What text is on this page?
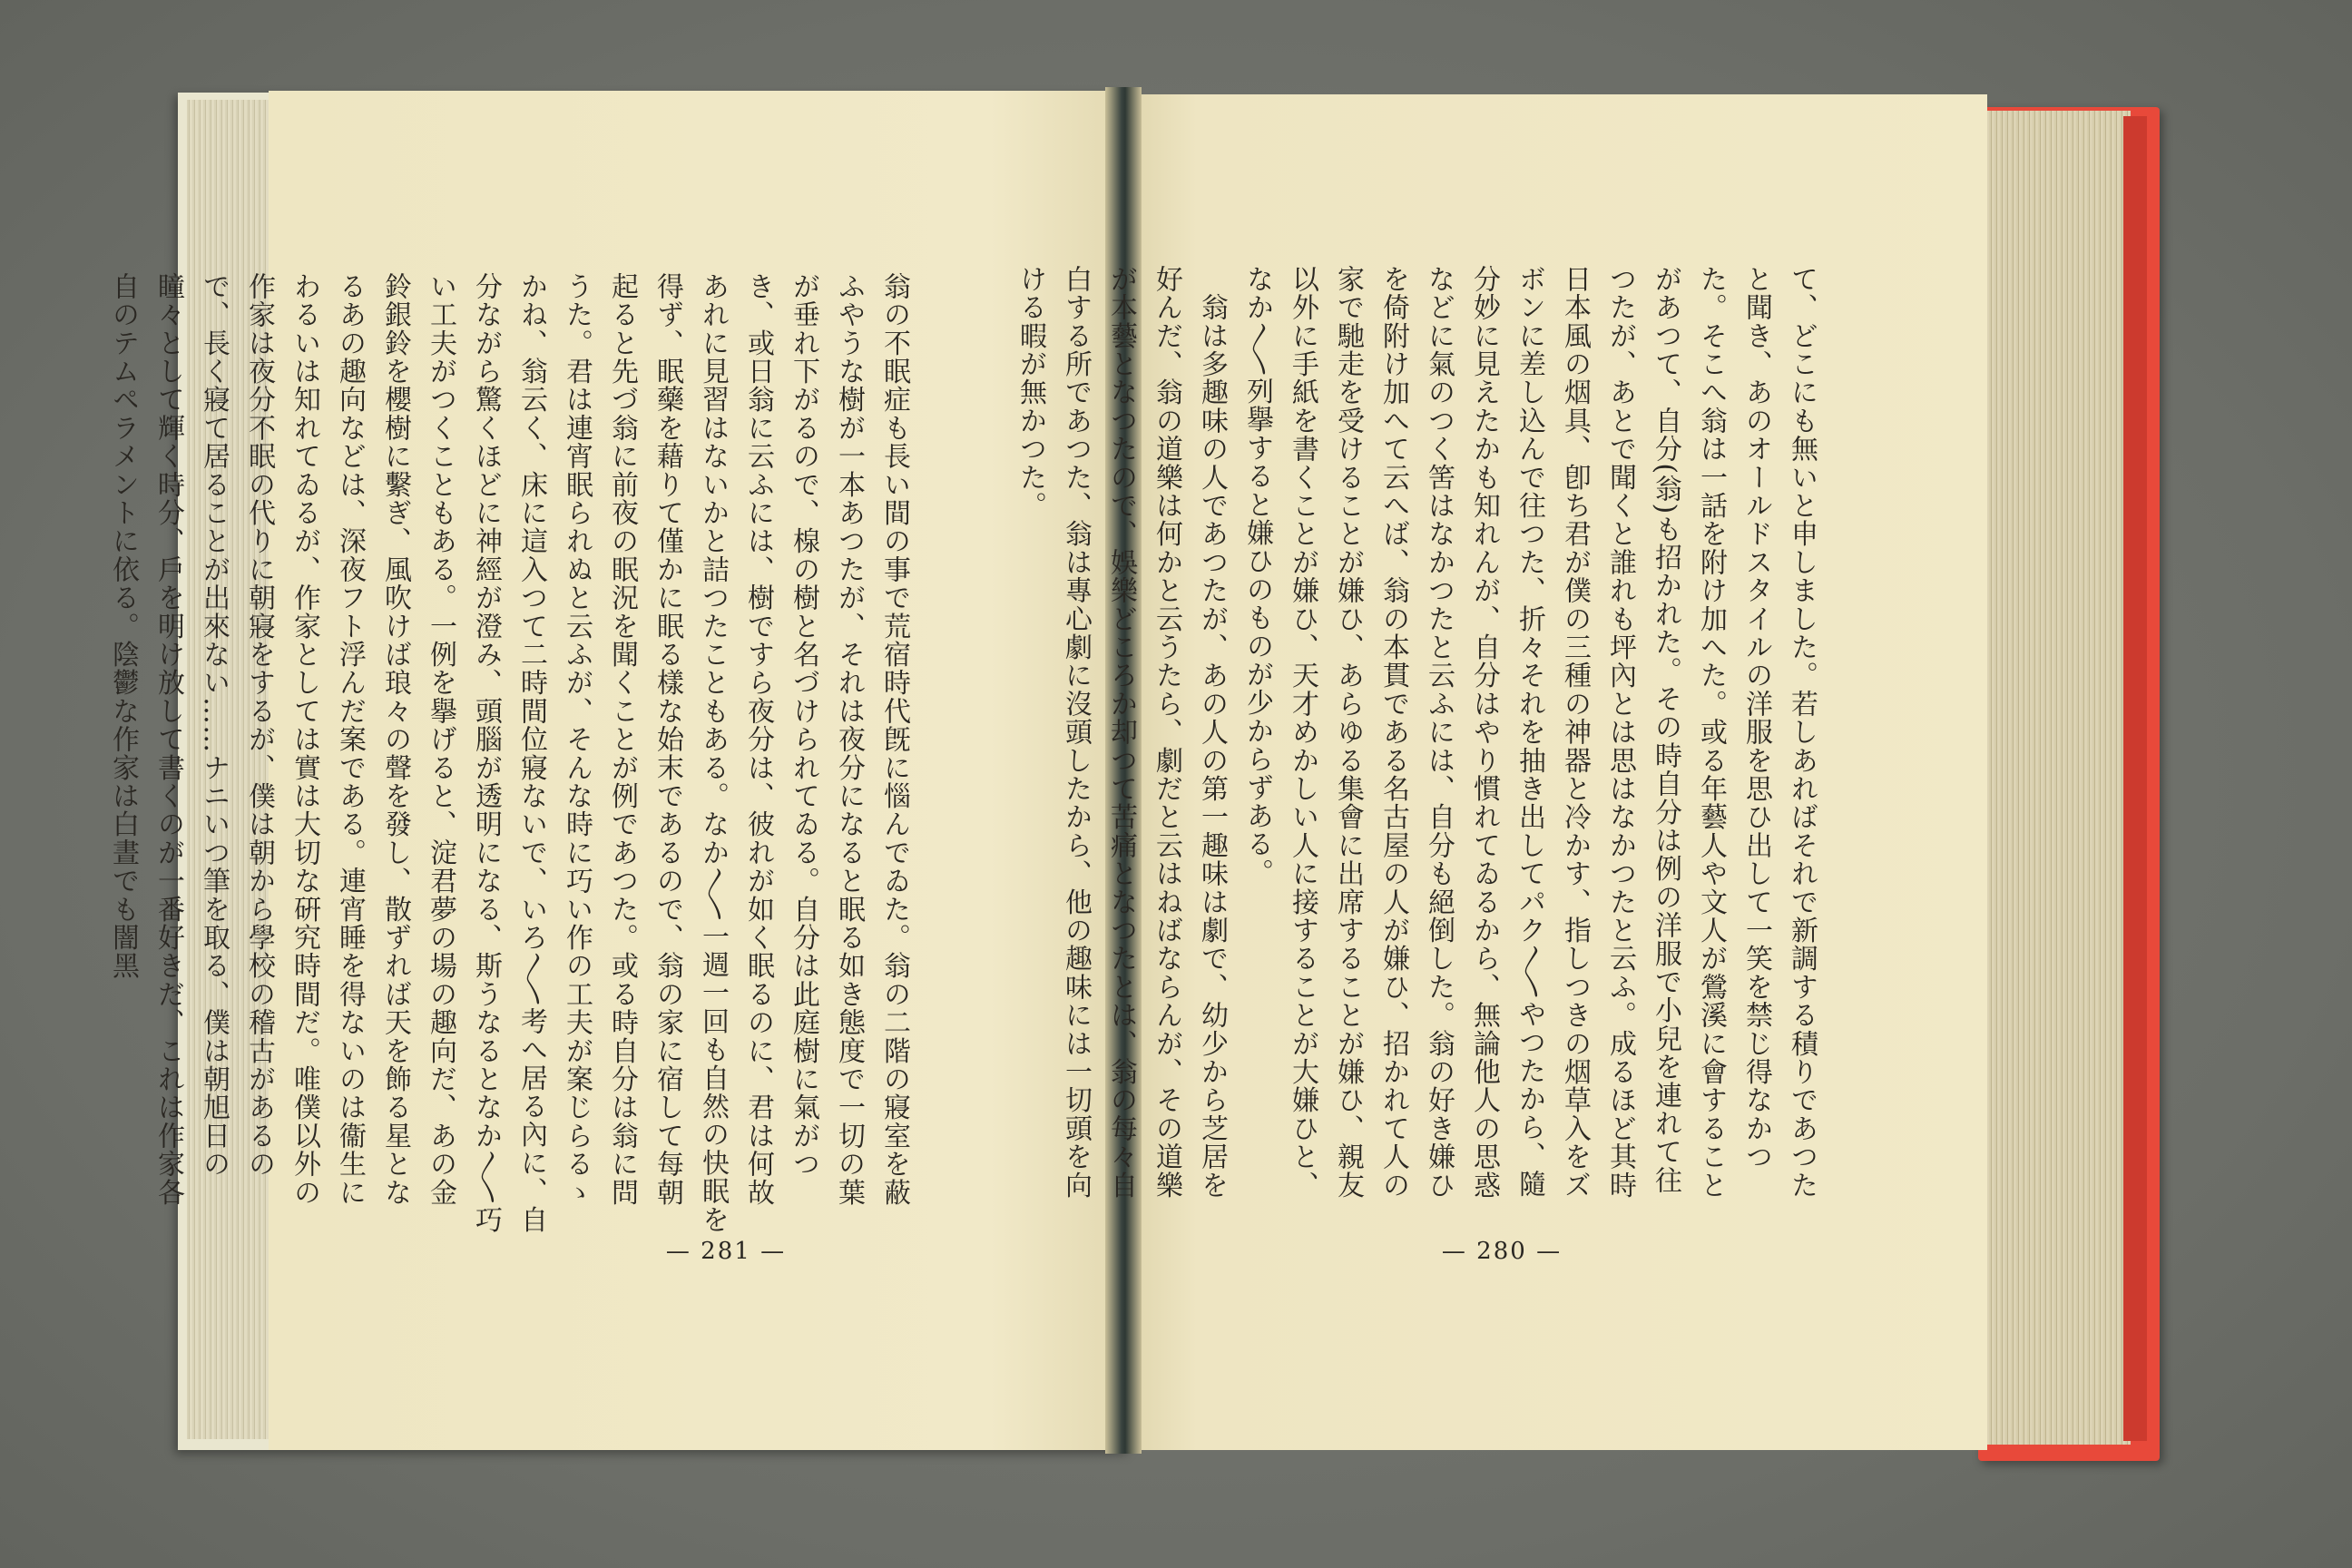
翁の不眠症も長い間の事で荒宿時代旣に惱んでゐた。翁の二階の寢室を蔽ふやうな樹が一本あつたが、それは夜分になると眠る如き態度で一切の葉が垂れ下がるので、楾の樹と名づけられてゐる。自分は此庭樹に氣がつき、或日翁に云ふには、樹ですら夜分は、彼れが如く眠るのに、君は何故あれに見習はないかと詰つたこともある。なか〳〵一週一回も自然の快眠を得ず、眠藥を藉りて僅かに眠る樣な始末であるので、翁の家に宿して每朝起ると先づ翁に前夜の眠況を聞くことが例であつた。或る時自分は翁に問うた。君は連宵眠られぬと云ふが、そんな時に巧い作の工夫が案じらるゝかね、翁云く、床に這入つて二時間位寢ないで、いろ〳〵考へ居る內に、自分ながら驚くほどに神經が澄み、頭腦が透明になる、斯うなるとなか〳〵巧い工夫がつくこともある。一例を擧げると、淀君夢の場の趣向だ、あの金鈴銀鈴を櫻樹に繫ぎ、風吹けば琅々の聲を發し、散ずれば天を飾る星となるあの趣向などは、深夜フト浮んだ案である。連宵睡を得ないのは衞生にわるいは知れてゐるが、作家としては實は大切な硏究時間だ。唯僕以外の作家は夜分不眠の代りに朝寢をするが、僕は朝から學校の稽古があるので、長く寢て居ることが出來ない……ナニいつ筆を取る、僕は朝旭日の瞳々として輝く時分、戶を明け放して書くのが一番好きだ、これは作家各自のテムペラメントに依る。陰鬱な作家は白晝でも闇黑	て、どこにも無いと申しました。若しあればそれで新調する積りであつたと聞き、あのオールドスタイルの洋服を思ひ出して一笑を禁じ得なかつた。そこへ翁は一話を附け加へた。或る年藝人や文人が鶯溪に會することがあつて、自分(翁)も招かれた。その時自分は例の洋服で小兒を連れて往つたが、あとで聞くと誰れも坪內とは思はなかつたと云ふ。成るほど其時日本風の烟具、卽ち君が僕の三種の神器と冷かす、指しつきの烟草入をズボンに差し込んで往つた、折々それを抽き出してパク〳〵やつたから、隨分妙に見えたかも知れんが、自分はやり慣れてゐるから、無論他人の思惑などに氣のつく筈はなかつたと云ふには、自分も絕倒した。翁の好き嫌ひを倚附け加へて云へば、翁の本貫である名古屋の人が嫌ひ、招かれて人の家で馳走を受けることが嫌ひ、あらゆる集會に出席することが嫌ひ、親友以外に手紙を書くことが嫌ひ、天才めかしい人に接することが大嫌ひと、なか〳〵列擧すると嫌ひのものが少からずある。
　翁は多趣味の人であつたが、あの人の第一趣味は劇で、幼少から芝居を好んだ、翁の道樂は何かと云うたら、劇だと云はねばならんが、その道樂が本藝となつたので、娛樂どころか却つて苦痛となつたとは、翁の每々自白する所であつた、翁は專心劇に沒頭したから、他の趣味には一切頭を向ける暇が無かつた。
— 281 —	— 280 —
